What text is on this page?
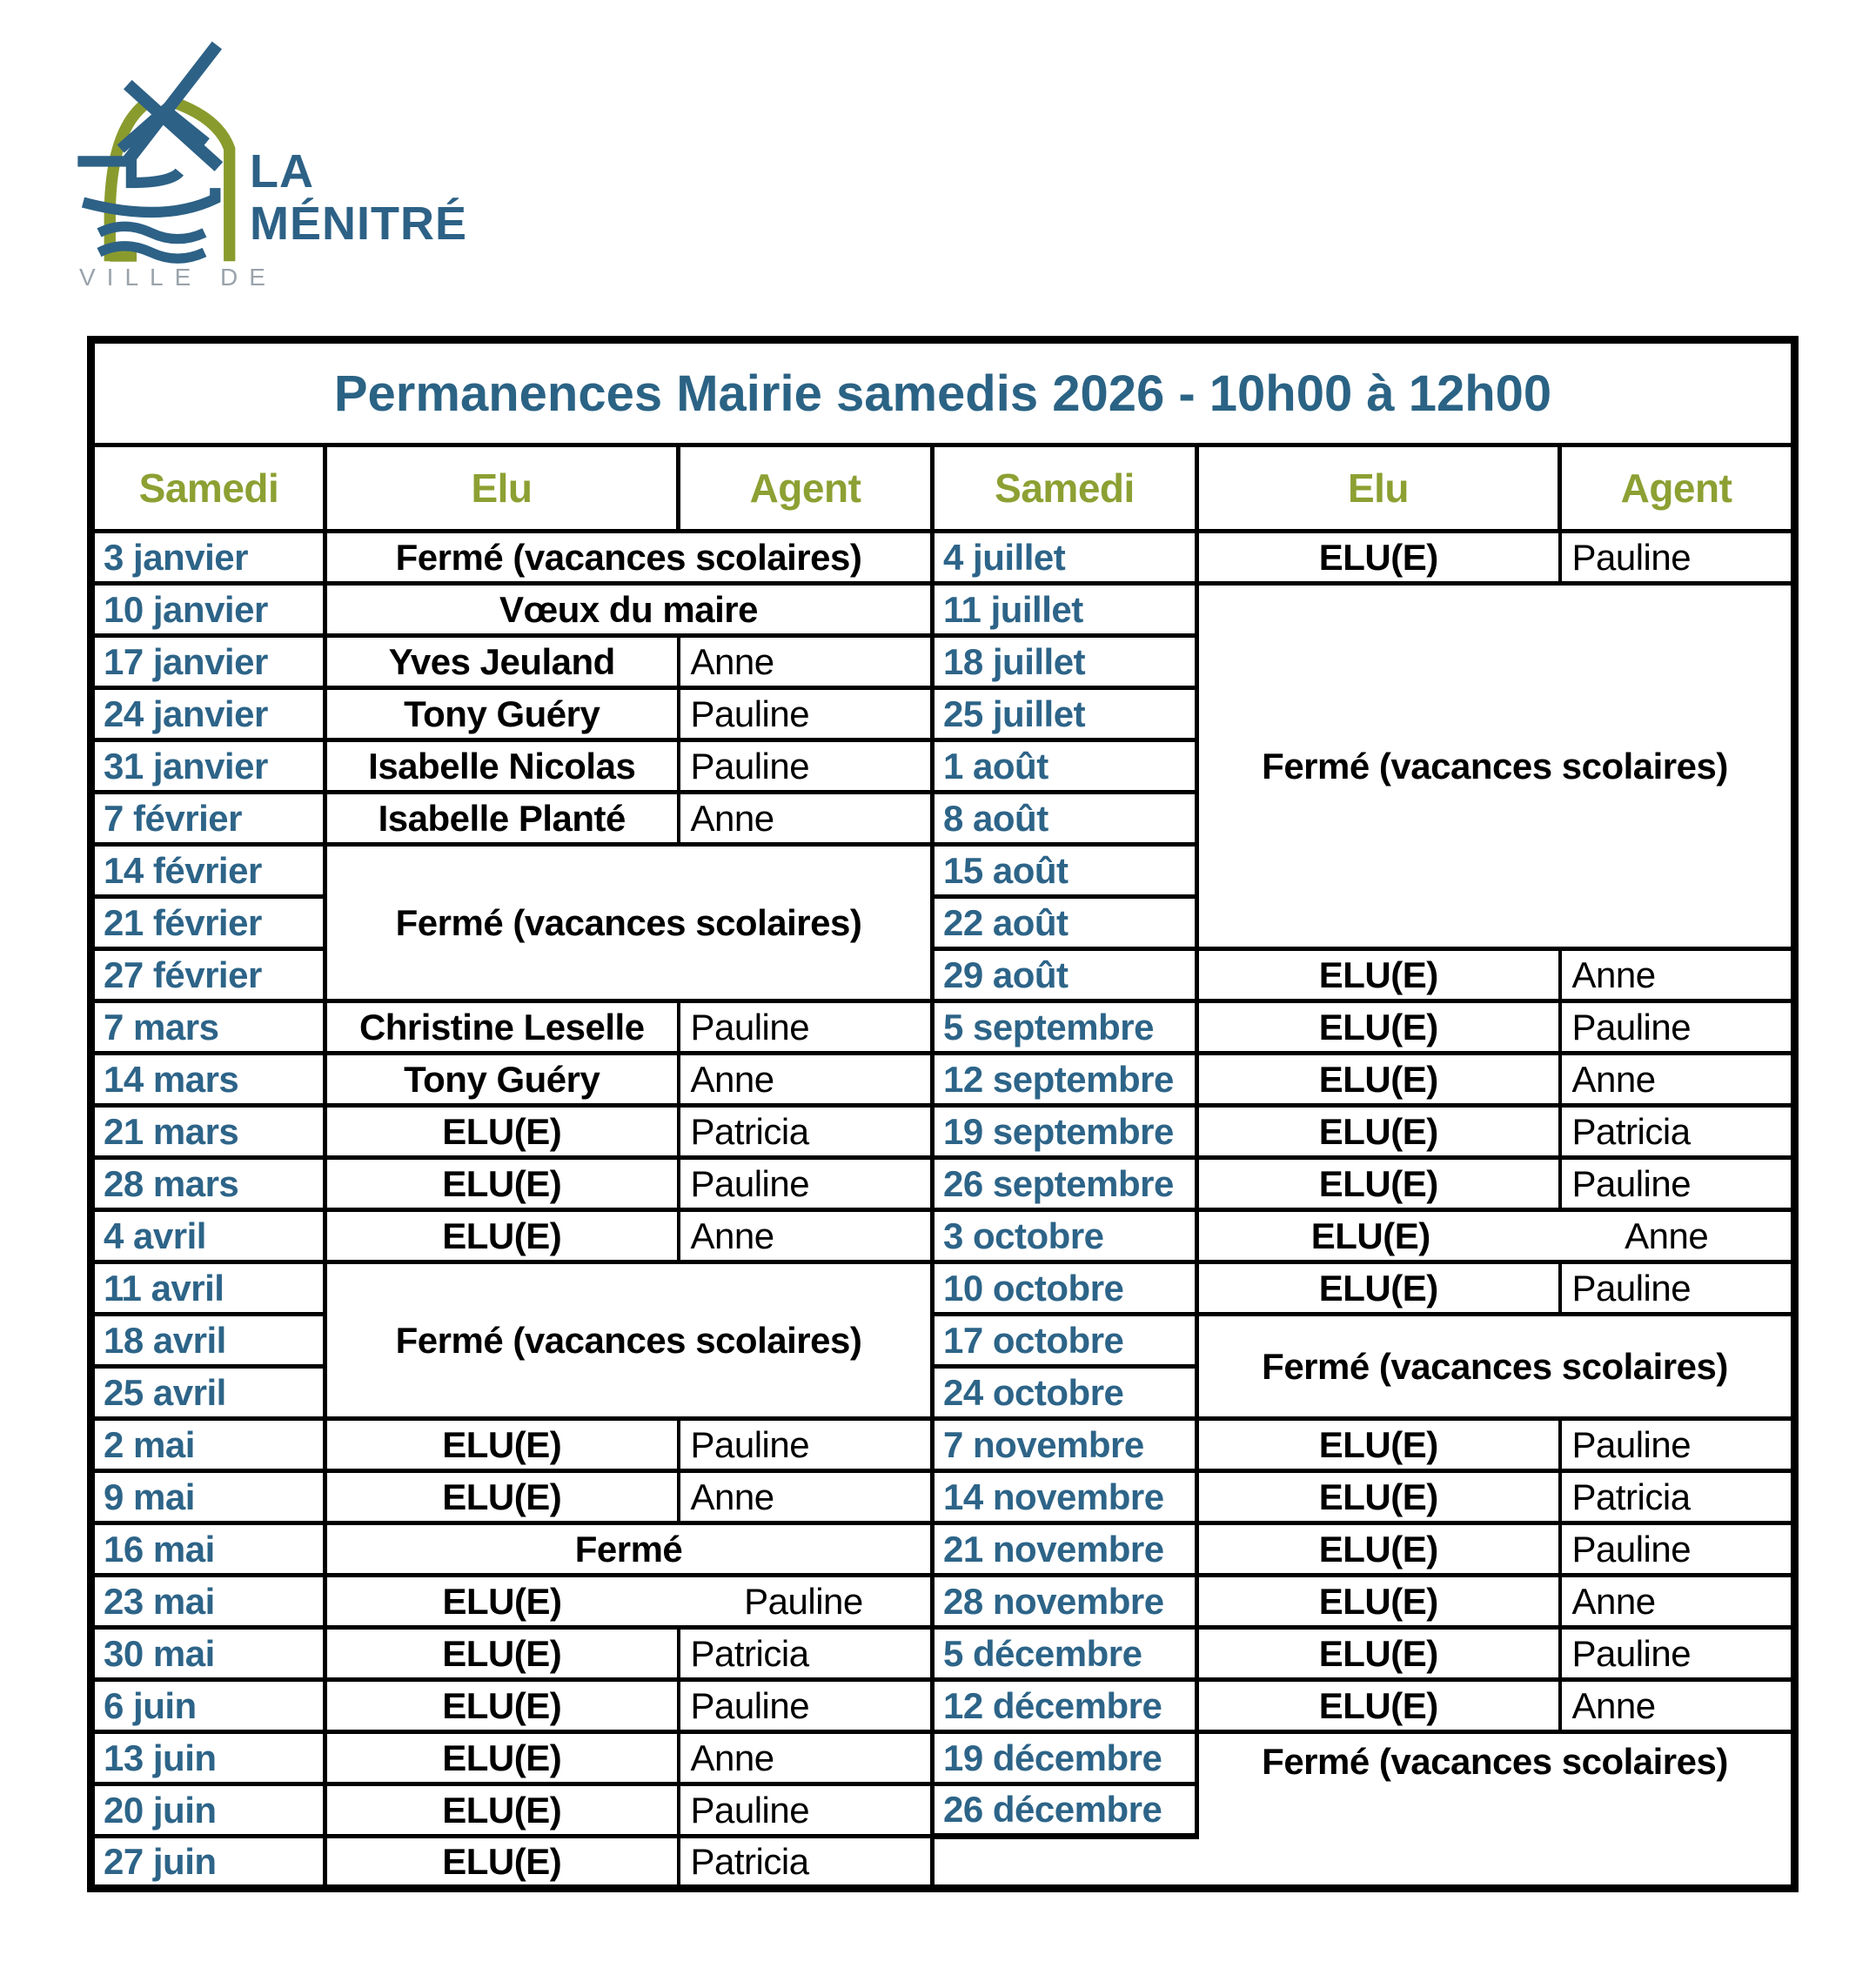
LA
MÉNITRÉ
VILLE DE
Permanences Mairie samedis 2026 - 10h00 à 12h00					
Samedi	Elu	Agent	Samedi	Elu	Agent
3 janvier	Fermé (vacances scolaires)		4 juillet	ELU(E)	Pauline
10 janvier	Vœux du maire		11 juillet	Fermé (vacances scolaires)	
17 janvier	Yves Jeuland	Anne	18 juillet		
24 janvier	Tony Guéry	Pauline	25 juillet		
31 janvier	Isabelle Nicolas	Pauline	1 août		
7 février	Isabelle Planté	Anne	8 août		
14 février	Fermé (vacances scolaires)		15 août		
21 février			22 août		
27 février			29 août	ELU(E)	Anne
7 mars	Christine Leselle	Pauline	5 septembre	ELU(E)	Pauline
14 mars	Tony Guéry	Anne	12 septembre	ELU(E)	Anne
21 mars	ELU(E)	Patricia	19 septembre	ELU(E)	Patricia
28 mars	ELU(E)	Pauline	26 septembre	ELU(E)	Pauline
4 avril	ELU(E)	Anne	3 octobre	ELU(E) Anne	

11 avril	Fermé (vacances scolaires)		10 octobre	ELU(E)	Pauline
18 avril			17 octobre	Fermé (vacances scolaires)	
25 avril			24 octobre		
2 mai	ELU(E)	Pauline	7 novembre	ELU(E)	Pauline
9 mai	ELU(E)	Anne	14 novembre	ELU(E)	Patricia
16 mai	Fermé		21 novembre	ELU(E)	Pauline
23 mai	ELU(E) Pauline		28 novembre	ELU(E)	Anne
30 mai	ELU(E)	Patricia	5 décembre	ELU(E)	Pauline
6 juin	ELU(E)	Pauline	12 décembre	ELU(E)	Anne
13 juin	ELU(E)	Anne	19 décembre	Fermé (vacances scolaires)	
20 juin	ELU(E)	Pauline	26 décembre		
27 juin	ELU(E)	Patricia			
